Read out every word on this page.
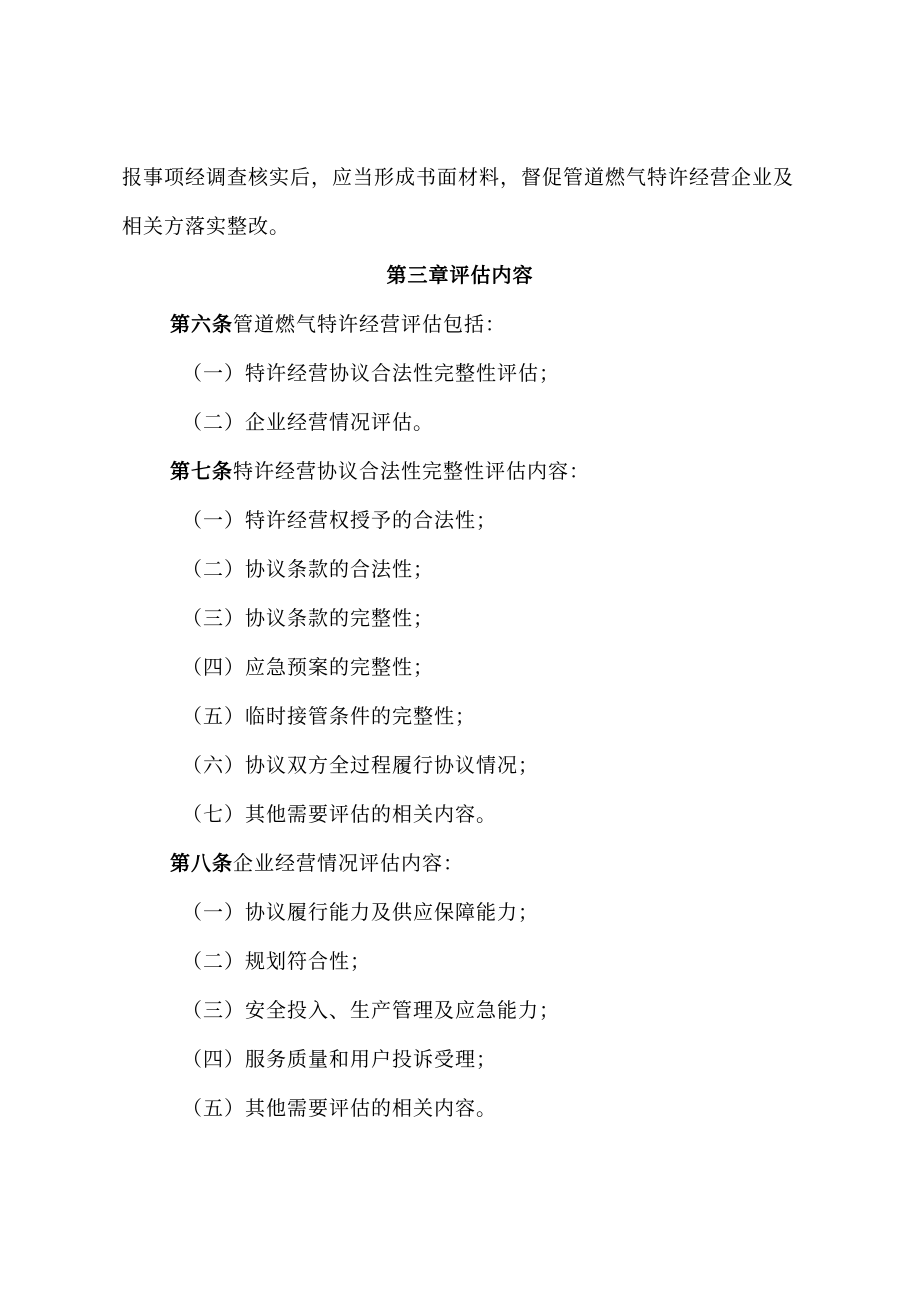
报事项经调查核实后，应当形成书面材料，督促管道燃气特许经营企业及
相关方落实整改。
第三章评估内容
第六条管道燃气特许经营评估包括：
（一）特许经营协议合法性完整性评估；
（二）企业经营情况评估。
第七条特许经营协议合法性完整性评估内容：
（一）特许经营权授予的合法性；
（二）协议条款的合法性；
（三）协议条款的完整性；
（四）应急预案的完整性；
（五）临时接管条件的完整性；
（六）协议双方全过程履行协议情况；
（七）其他需要评估的相关内容。
第八条企业经营情况评估内容：
（一）协议履行能力及供应保障能力；
（二）规划符合性；
（三）安全投入、生产管理及应急能力；
（四）服务质量和用户投诉受理；
（五）其他需要评估的相关内容。
